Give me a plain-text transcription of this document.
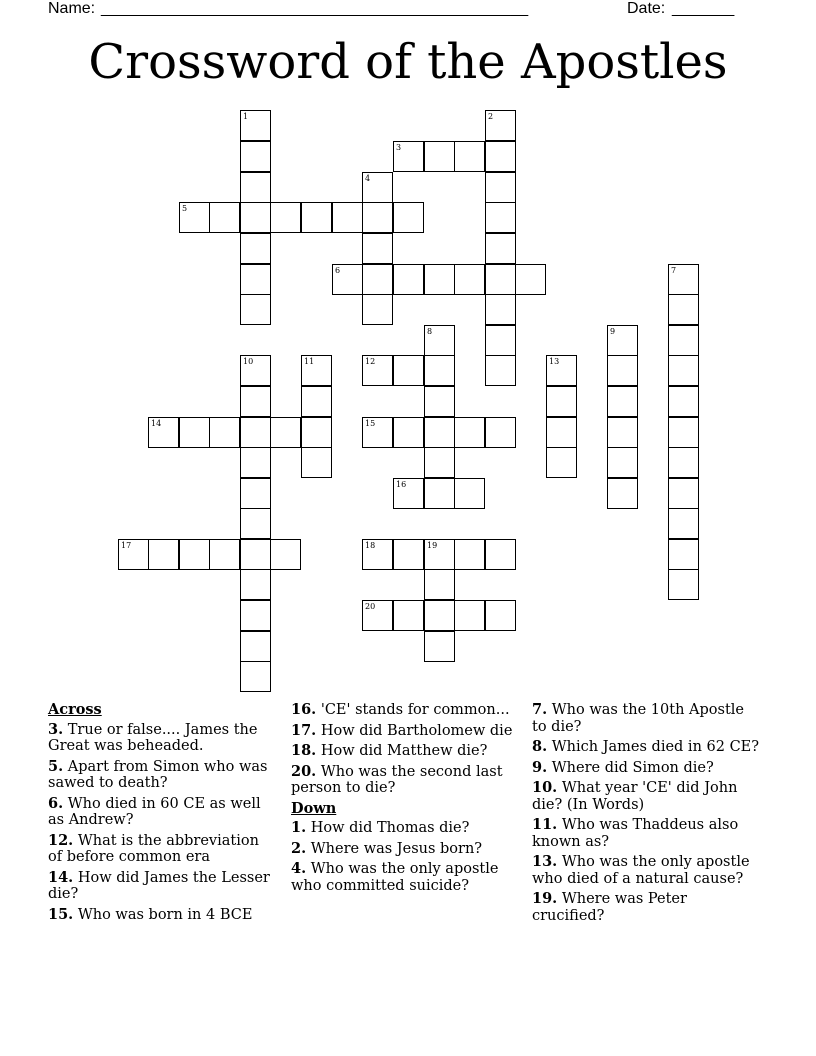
Name: ________________________________________________	Date: _______
Crossword of the Apostles
1	2
3
4
5
6	7
8	9
10	11	12	13
14	15
16
17	18	19
20
Across
3. True or false.... James the Great was beheaded.
5. Apart from Simon who was sawed to death?
6. Who died in 60 CE as well as Andrew?
12. What is the abbreviation of before common era
14. How did James the Lesser die?
15. Who was born in 4 BCE
16. 'CE' stands for common...
17. How did Bartholomew die
18. How did Matthew die?
20. Who was the second last person to die?
Down
1. How did Thomas die?
2. Where was Jesus born?
4. Who was the only apostle who committed suicide?
7. Who was the 10th Apostle to die?
8. Which James died in 62 CE?
9. Where did Simon die?
10. What year 'CE' did John die? (In Words)
11. Who was Thaddeus also known as?
13. Who was the only apostle who died of a natural cause?
19. Where was Peter crucified?
